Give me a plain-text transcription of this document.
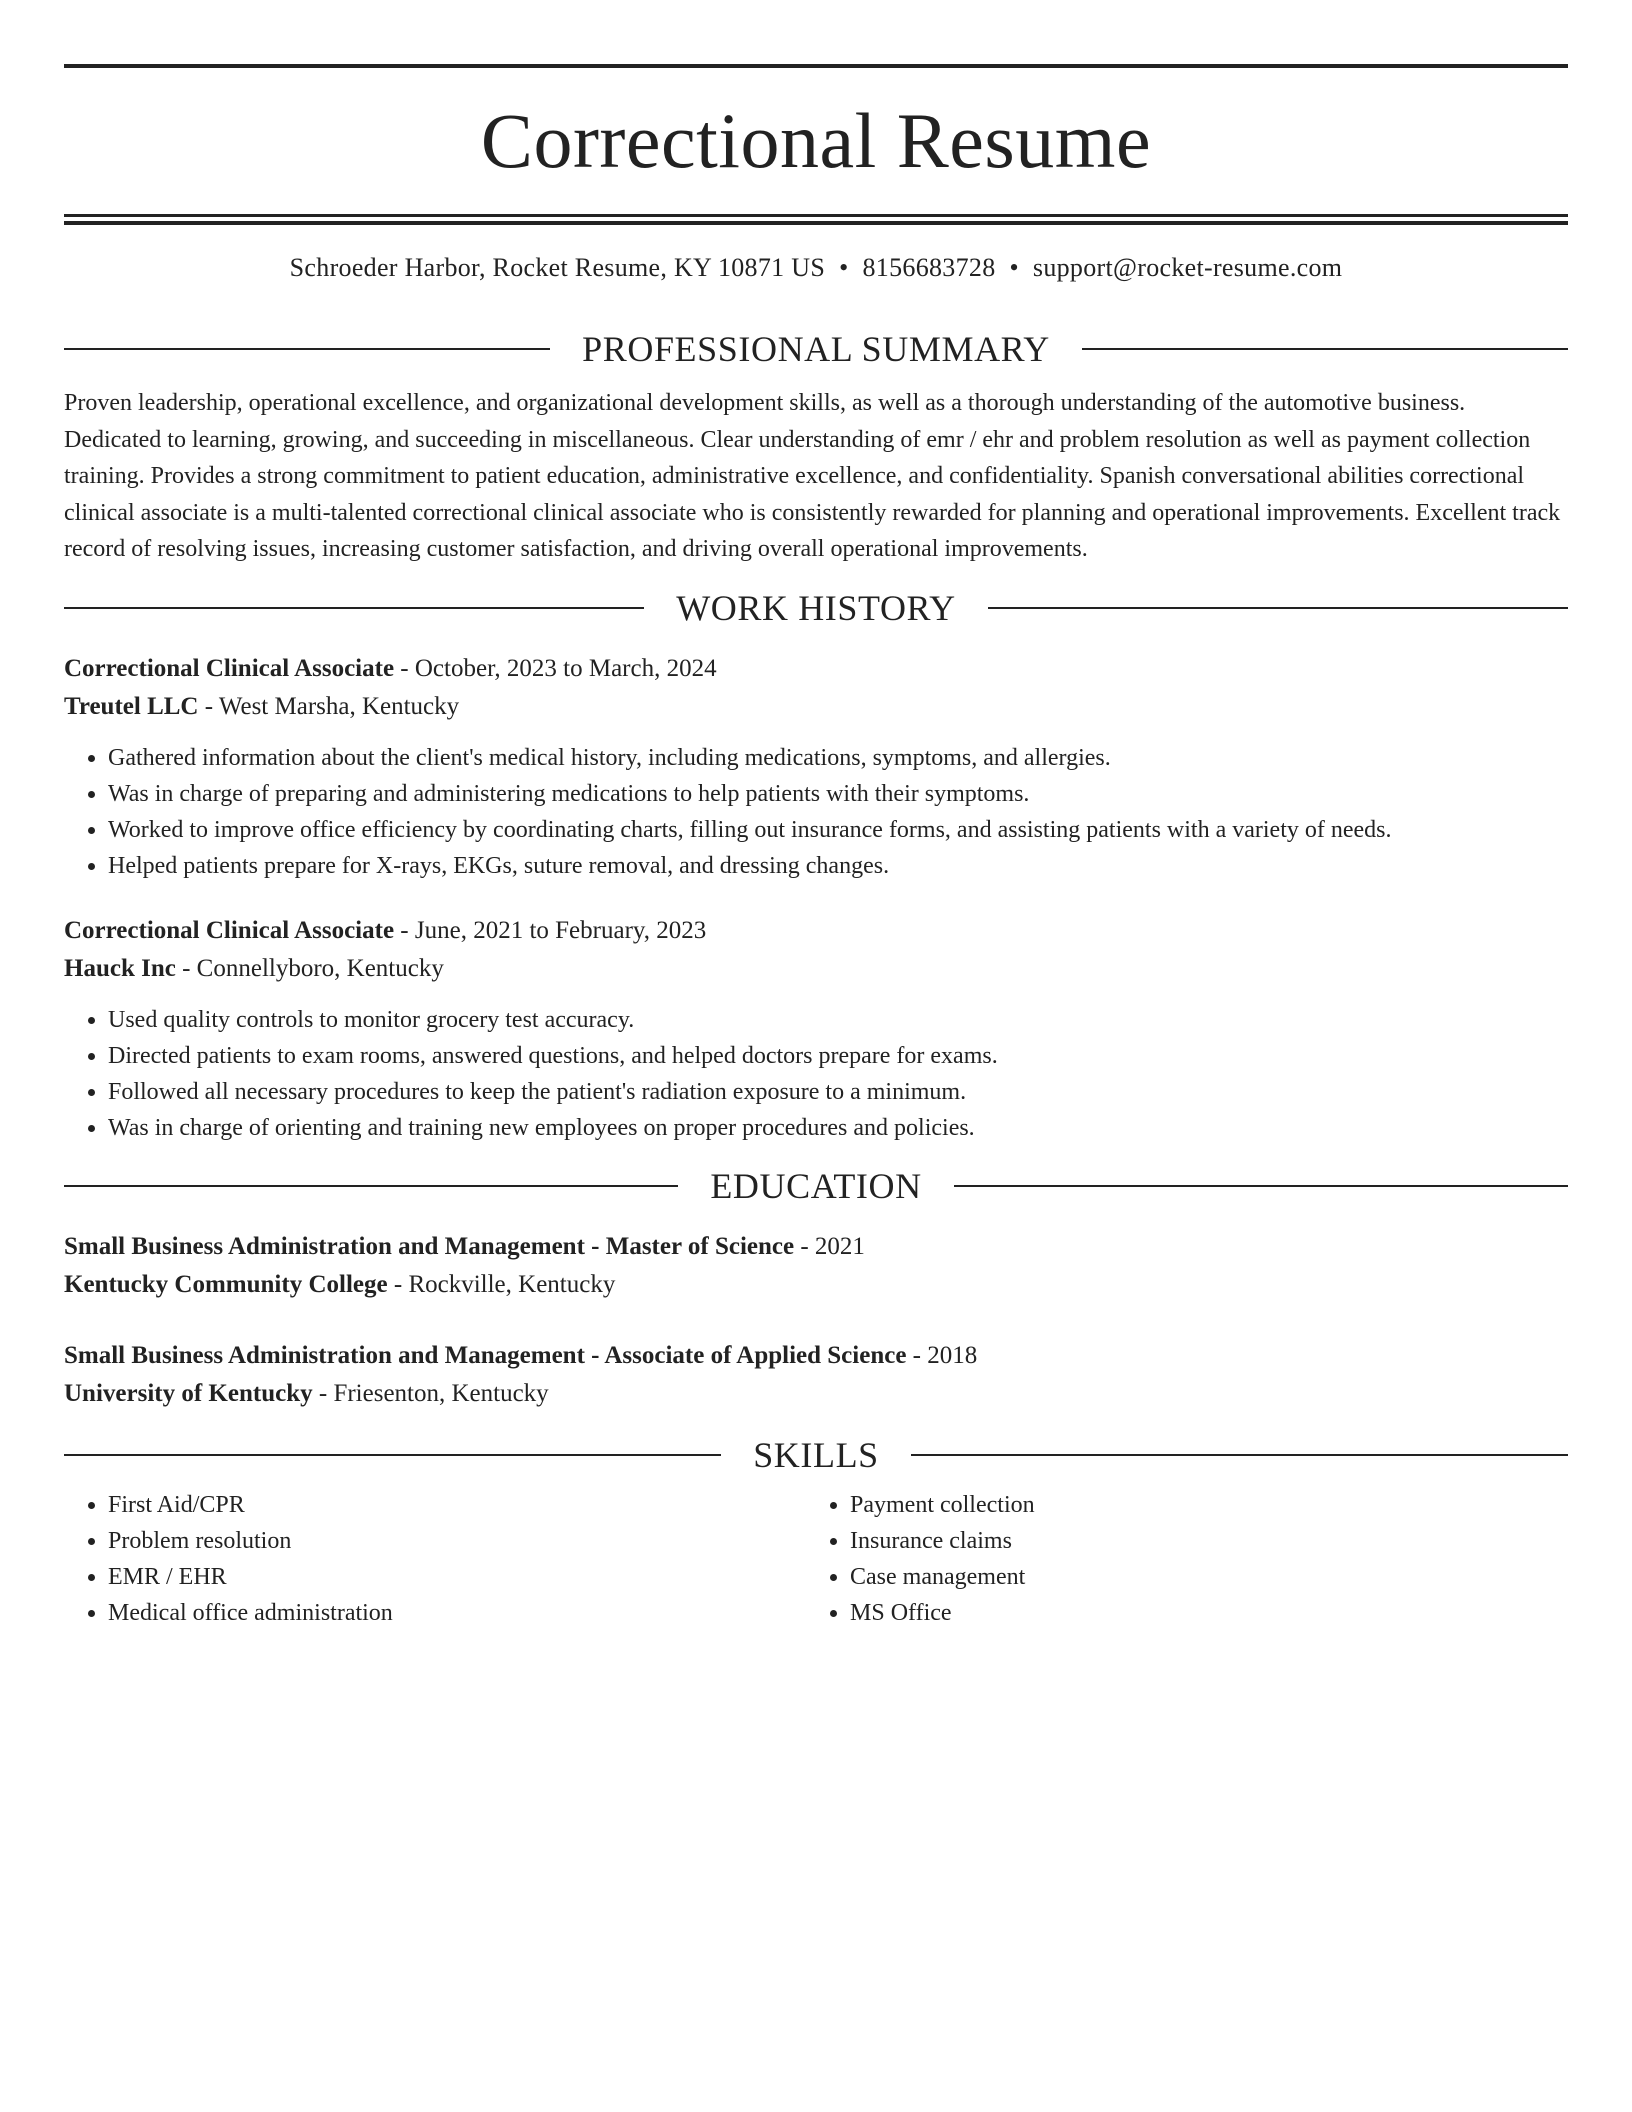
Correctional Resume
Schroeder Harbor, Rocket Resume, KY 10871 US • 8156683728 • support@rocket-resume.com
PROFESSIONAL SUMMARY

Proven leadership, operational excellence, and organizational development skills, as well as a thorough understanding of the automotive business. Dedicated to learning, growing, and succeeding in miscellaneous. Clear understanding of emr / ehr and problem resolution as well as payment collection training. Provides a strong commitment to patient education, administrative excellence, and confidentiality. Spanish conversational abilities correctional clinical associate is a multi-talented correctional clinical associate who is consistently rewarded for planning and operational improvements. Excellent track record of resolving issues, increasing customer satisfaction, and driving overall operational improvements.

WORK HISTORY
Correctional Clinical Associate - October, 2023 to March, 2024
Treutel LLC - West Marsha, Kentucky
• Gathered information about the client's medical history, including medications, symptoms, and allergies.
• Was in charge of preparing and administering medications to help patients with their symptoms.
• Worked to improve office efficiency by coordinating charts, filling out insurance forms, and assisting patients with a variety of needs.
• Helped patients prepare for X-rays, EKGs, suture removal, and dressing changes.
Correctional Clinical Associate - June, 2021 to February, 2023
Hauck Inc - Connellyboro, Kentucky
• Used quality controls to monitor grocery test accuracy.
• Directed patients to exam rooms, answered questions, and helped doctors prepare for exams.
• Followed all necessary procedures to keep the patient's radiation exposure to a minimum.
• Was in charge of orienting and training new employees on proper procedures and policies.
EDUCATION
Small Business Administration and Management - Master of Science - 2021
Kentucky Community College - Rockville, Kentucky
Small Business Administration and Management - Associate of Applied Science - 2018
University of Kentucky - Friesenton, Kentucky
SKILLS
• First Aid/CPR
• Problem resolution
• EMR / EHR
• Medical office administration
• Payment collection
• Insurance claims
• Case management
• MS Office
